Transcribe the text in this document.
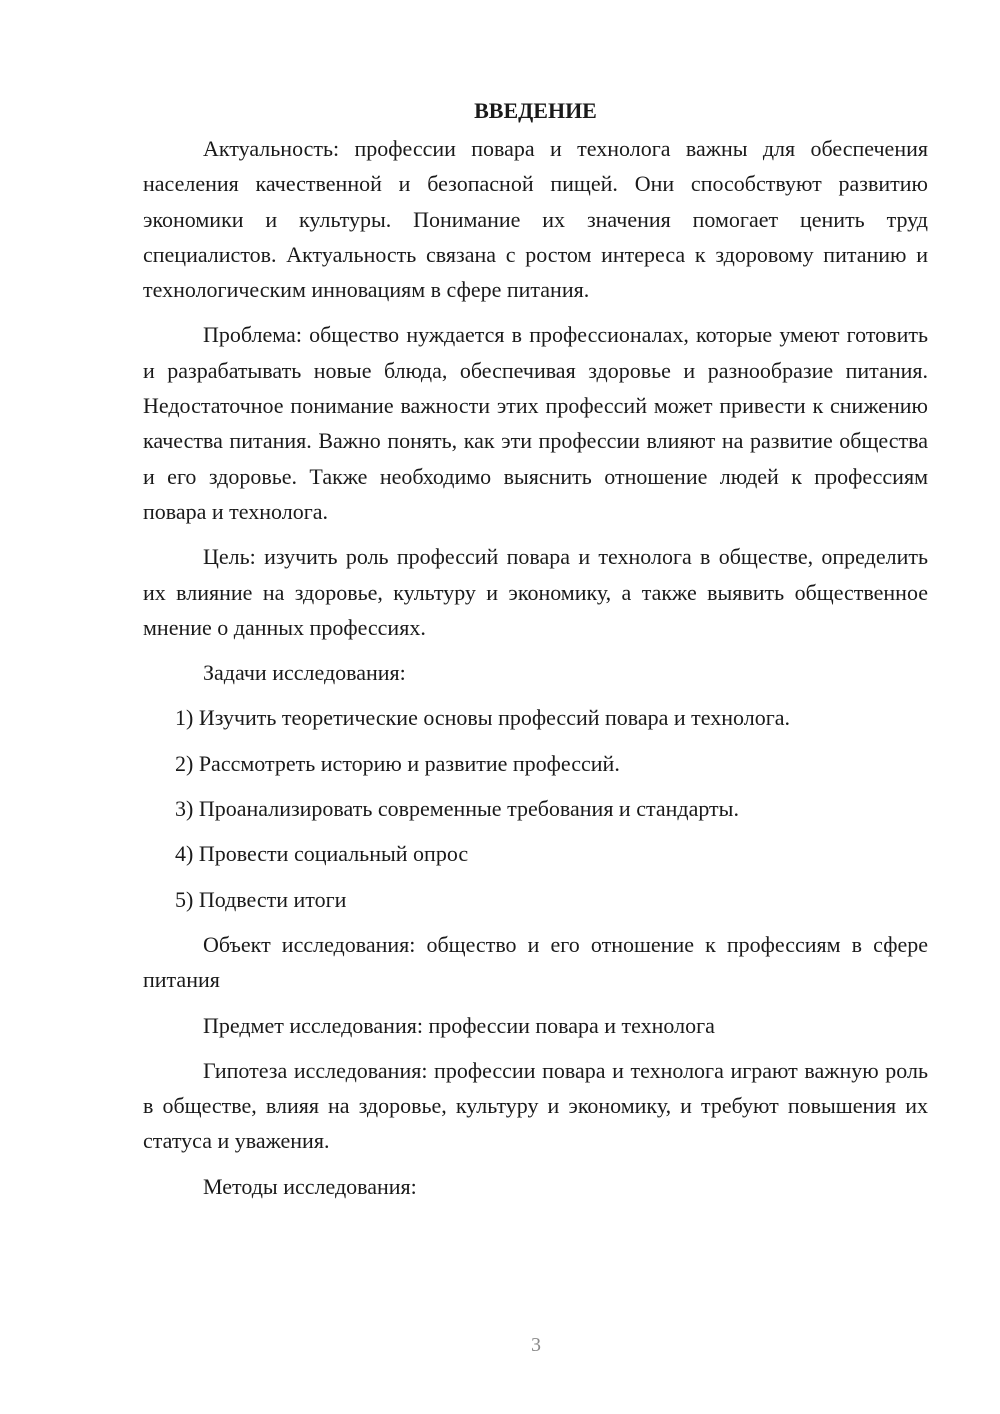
ВВЕДЕНИЕ

Актуальность: профессии повара и технолога важны для обеспечения населения качественной и безопасной пищей. Они способствуют развитию экономики и культуры. Понимание их значения помогает ценить труд специалистов. Актуальность связана с ростом интереса к здоровому питанию и технологическим инновациям в сфере питания.

Проблема: общество нуждается в профессионалах, которые умеют готовить и разрабатывать новые блюда, обеспечивая здоровье и разнообразие питания. Недостаточное понимание важности этих профессий может привести к снижению качества питания. Важно понять, как эти профессии влияют на развитие общества и его здоровье. Также необходимо выяснить отношение людей к профессиям повара и технолога.

Цель: изучить роль профессий повара и технолога в обществе, определить их влияние на здоровье, культуру и экономику, а также выявить общественное мнение о данных профессиях.

Задачи исследования:

1) Изучить теоретические основы профессий повара и технолога.

2) Рассмотреть историю и развитие профессий.

3) Проанализировать современные требования и стандарты.

4) Провести социальный опрос

5) Подвести итоги

Объект исследования: общество и его отношение к профессиям в сфере питания

Предмет исследования: профессии повара и технолога

Гипотеза исследования: профессии повара и технолога играют важную роль в обществе, влияя на здоровье, культуру и экономику, и требуют повышения их статуса и уважения.

Методы исследования:

3
